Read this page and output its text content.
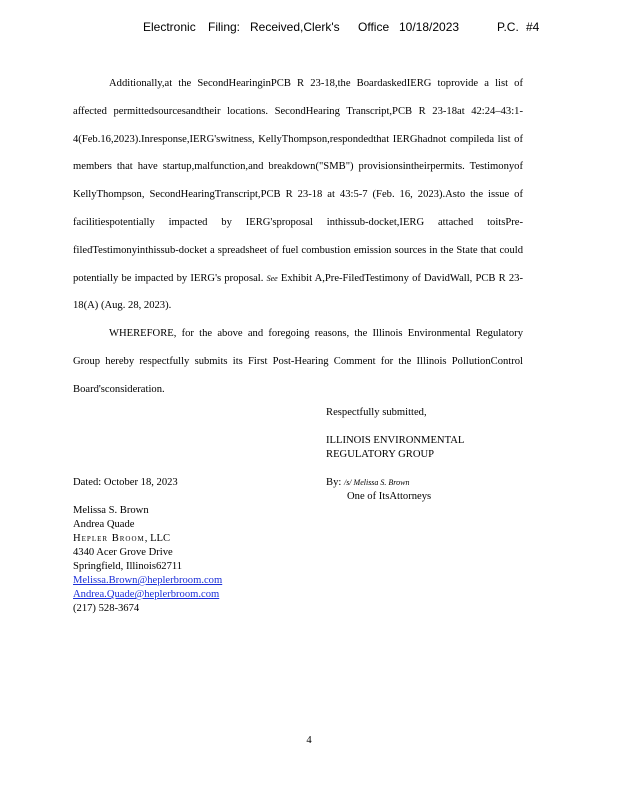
Electronic Filing: Received,Clerk's Office 10/18/2023	P.C. #4

Additionally,at the SecondHearinginPCB R 23-18,the BoardaskedIERG toprovide a list of affected permittedsourcesandtheir locations. SecondHearing Transcript,PCB R 23-18at 42:24–43:1-4(Feb.16,2023).Inresponse,IERG'switness, KellyThompson,respondedthat IERGhadnot compileda list of members that have startup,malfunction,and breakdown("SMB") provisionsintheirpermits. Testimonyof KellyThompson, SecondHearingTranscript,PCB R 23-18 at 43:5-7 (Feb. 16, 2023).Asto the issue of facilitiespotentially impacted by IERG'sproposal inthissub-docket,IERG attached toitsPre-filedTestimonyinthissub-docket a spreadsheet of fuel combustion emission sources in the State that could potentially be impacted by IERG's proposal. See Exhibit A,Pre-FiledTestimony of DavidWall, PCB R 23-18(A) (Aug. 28, 2023).

WHEREFORE, for the above and foregoing reasons, the Illinois Environmental Regulatory Group hereby respectfully submits its First Post-Hearing Comment for the Illinois PollutionControl Board'sconsideration.

Respectfully submitted,
ILLINOIS ENVIRONMENTAL
REGULATORY GROUP
By: /s/ Melissa S. Brown
One of ItsAttorneys
Dated: October 18, 2023
Melissa S. Brown
Andrea Quade
Hepler Broom, LLC
4340 Acer Grove Drive
Springfield, Illinois62711
Melissa.Brown@heplerbroom.com
Andrea.Quade@heplerbroom.com
(217) 528-3674
4
